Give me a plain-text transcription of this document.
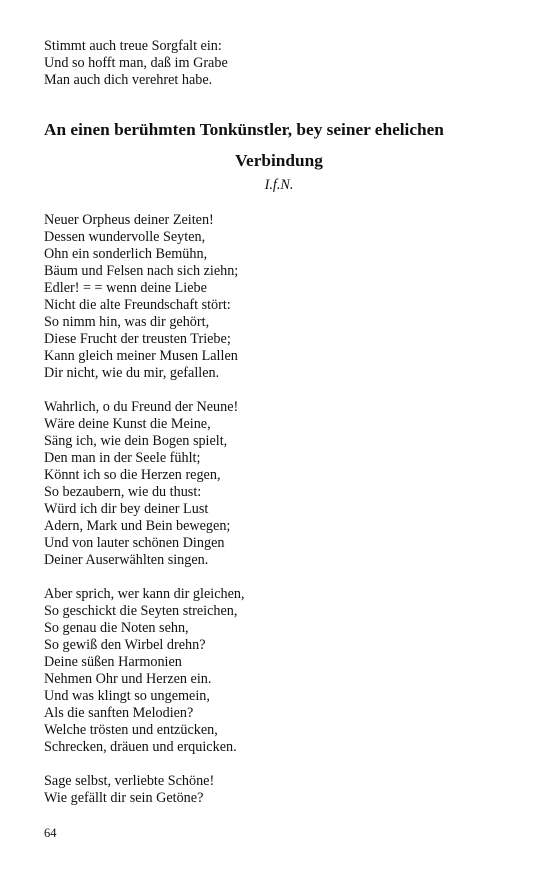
Stimmt auch treue Sorgfalt ein:

Und so hofft man, daß im Grabe

Man auch dich verehret habe.

An einen berühmten Tonkünstler, bey seiner ehelichen

Verbindung

I.f.N.

Neuer Orpheus deiner Zeiten!

Dessen wundervolle Seyten,

Ohn ein sonderlich Bemühn,

Bäum und Felsen nach sich ziehn;

Edler! = = wenn deine Liebe

Nicht die alte Freundschaft stört:

So nimm hin, was dir gehört,

Diese Frucht der treusten Triebe;

Kann gleich meiner Musen Lallen

Dir nicht, wie du mir, gefallen.

Wahrlich, o du Freund der Neune!

Wäre deine Kunst die Meine,

Säng ich, wie dein Bogen spielt,

Den man in der Seele fühlt;

Könnt ich so die Herzen regen,

So bezaubern, wie du thust:

Würd ich dir bey deiner Lust

Adern, Mark und Bein bewegen;

Und von lauter schönen Dingen

Deiner Auserwählten singen.

Aber sprich, wer kann dir gleichen,

So geschickt die Seyten streichen,

So genau die Noten sehn,

So gewiß den Wirbel drehn?

Deine süßen Harmonien

Nehmen Ohr und Herzen ein.

Und was klingt so ungemein,

Als die sanften Melodien?

Welche trösten und entzücken,

Schrecken, dräuen und erquicken.

Sage selbst, verliebte Schöne!

Wie gefällt dir sein Getöne?

64
